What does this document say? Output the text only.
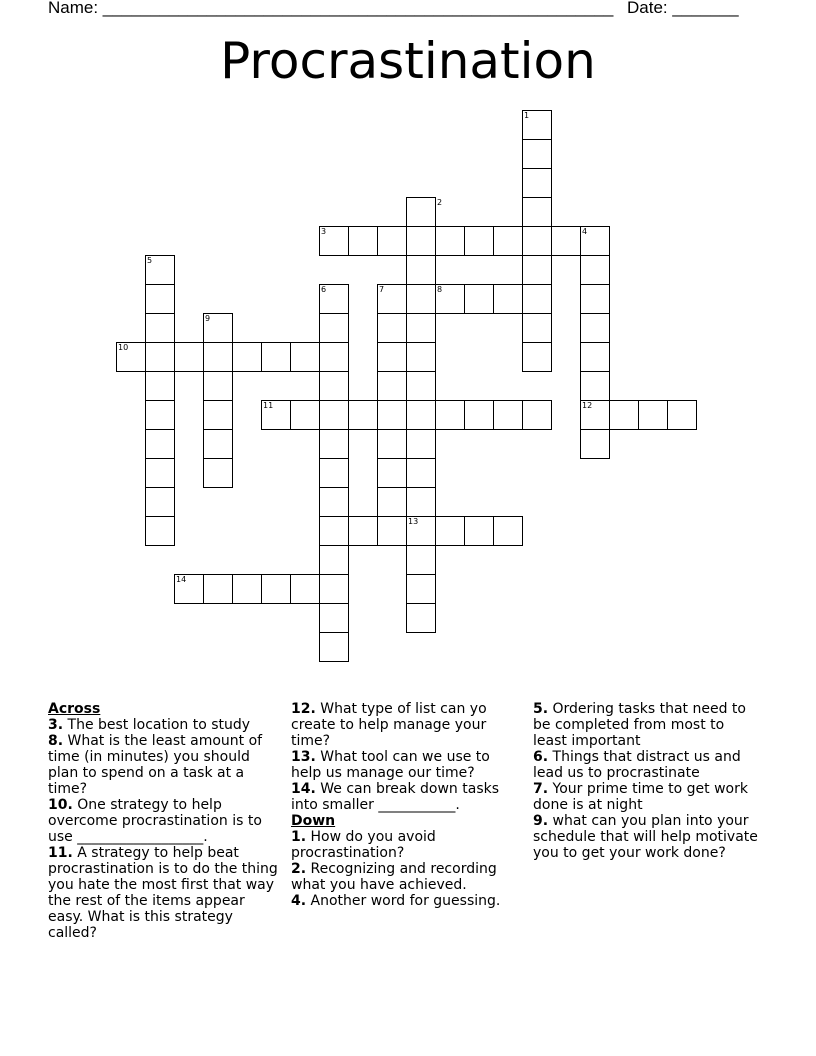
Name: ______________________________________________________ Date: _______
Procrastination
1
2
3	4
5
6	7	8
9
10
11	12
13
14
Across
3. The best location to study
8. What is the least amount of time (in minutes) you should plan to spend on a task at a time?
10. One strategy to help overcome procrastination is to use __________________.
11. A strategy to help beat procrastination is to do the thing you hate the most first that way the rest of the items appear easy. What is this strategy called?
12. What type of list can yo create to help manage your time?
13. What tool can we use to help us manage our time?
14. We can break down tasks into smaller ___________.
Down
1. How do you avoid procrastination?
2. Recognizing and recording what you have achieved.
4. Another word for guessing.
5. Ordering tasks that need to be completed from most to least important
6. Things that distract us and lead us to procrastinate
7. Your prime time to get work done is at night
9. what can you plan into your schedule that will help motivate you to get your work done?
